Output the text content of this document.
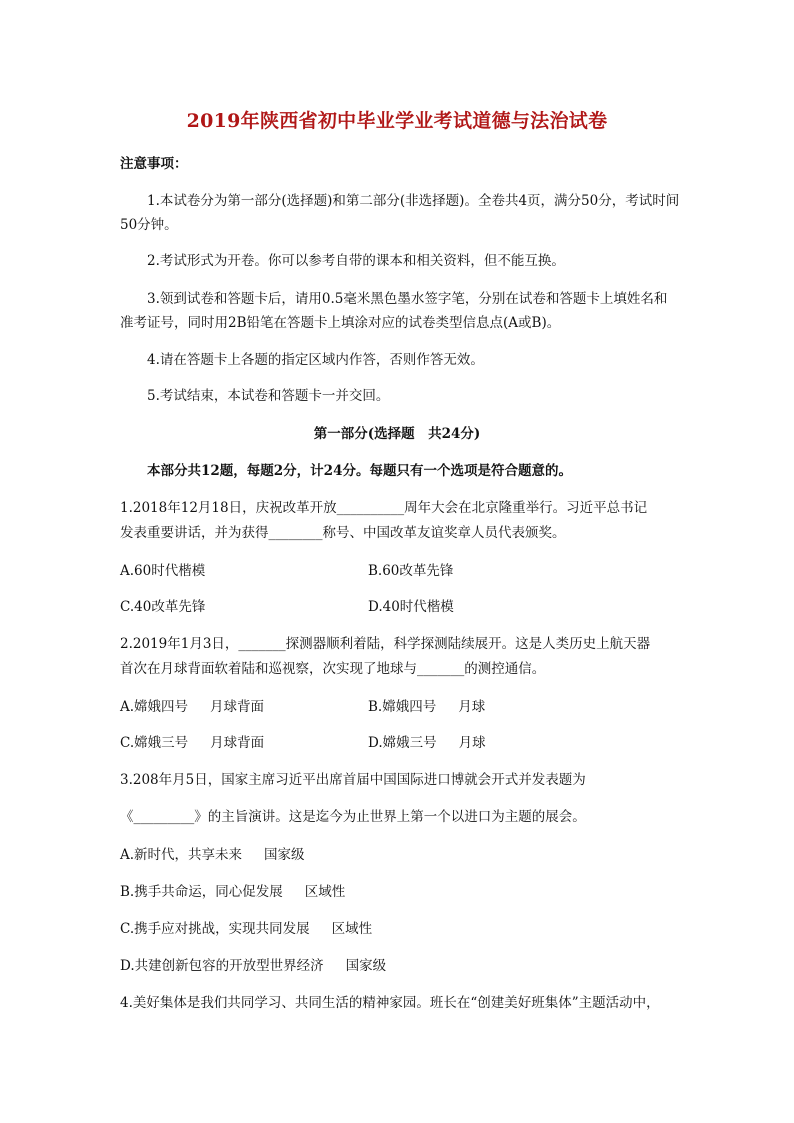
2019年陕西省初中毕业学业考试道德与法治试卷
注意事项：
1.本试卷分为第一部分(选择题)和第二部分(非选择题)。全卷共4页，满分50分，考试时间50分钟。
2.考试形式为开卷。你可以参考自带的课本和相关资料，但不能互换。
3.领到试卷和答题卡后，请用0.5毫米黑色墨水签字笔，分别在试卷和答题卡上填姓名和准考证号，同时用2B铅笔在答题卡上填涂对应的试卷类型信息点(A或B)。
4.请在答题卡上各题的指定区域内作答，否则作答无效。
5.考试结束，本试卷和答题卡一并交回。
第一部分(选择题　共24分)
本部分共12题，每题2分，计24分。每题只有一个选项是符合题意的。
1.2018年12月18日，庆祝改革开放__________周年大会在北京隆重举行。习近平总书记
发表重要讲话，并为获得________称号、中国改革友谊奖章人员代表颁奖。
A.60时代楷模	B.60改革先锋
C.40改革先锋	D.40时代楷模
2.2019年1月3日，_______探测器顺利着陆，科学探测陆续展开。这是人类历史上航天器
首次在月球背面软着陆和巡视察，次实现了地球与_______的测控通信。
A.嫦娥四号 月球背面	B.嫦娥四号 月球
C.嫦娥三号 月球背面	D.嫦娥三号 月球
3.208年月5日，国家主席习近平出席首届中国国际进口博就会开式并发表题为
《_________》的主旨演讲。这是迄今为止世界上第一个以进口为主题的展会。
A.新时代，共享未来 国家级
B.携手共命运，同心促发展 区域性
C.携手应对挑战，实现共同发展 区域性
D.共建创新包容的开放型世界经济 国家级
4.美好集体是我们共同学习、共同生活的精神家园。班长在“创建美好班集体”主题活动中，
